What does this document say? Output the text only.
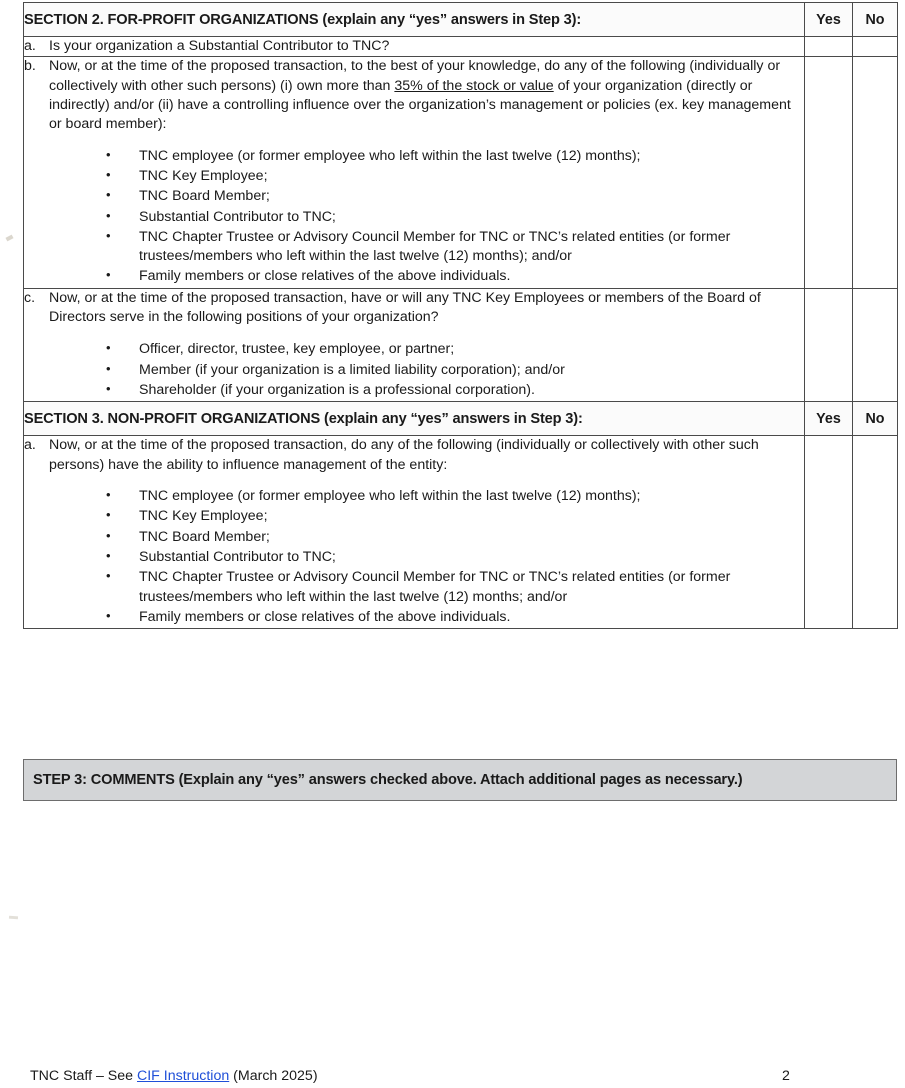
SECTION 2. FOR-PROFIT ORGANIZATIONS (explain any “yes” answers in Step 3):	Yes	No

a. Is your organization a Substantial Contributor to TNC?		

b. Now, or at the time of the proposed transaction, to the best of your knowledge, do any of the following (individually or collectively with other such persons) (i) own more than 35% of the stock or value of your organization (directly or indirectly) and/or (ii) have a controlling influence over the organization’s management or policies (ex. key management or board member):

• TNC employee (or former employee who left within the last twelve (12) months);
• TNC Key Employee;
• TNC Board Member;
• Substantial Contributor to TNC;
• TNC Chapter Trustee or Advisory Council Member for TNC or TNC’s related entities (or former trustees/members who left within the last twelve (12) months); and/or
• Family members or close relatives of the above individuals.

c. Now, or at the time of the proposed transaction, have or will any TNC Key Employees or members of the Board of Directors serve in the following positions of your organization?

• Officer, director, trustee, key employee, or partner;
• Member (if your organization is a limited liability corporation); and/or
• Shareholder (if your organization is a professional corporation).

SECTION 3. NON-PROFIT ORGANIZATIONS (explain any “yes” answers in Step 3):	Yes	No

a. Now, or at the time of the proposed transaction, do any of the following (individually or collectively with other such persons) have the ability to influence management of the entity:

• TNC employee (or former employee who left within the last twelve (12) months);
• TNC Key Employee;
• TNC Board Member;
• Substantial Contributor to TNC;
• TNC Chapter Trustee or Advisory Council Member for TNC or TNC’s related entities (or former trustees/members who left within the last twelve (12) months; and/or
• Family members or close relatives of the above individuals.

STEP 3: COMMENTS (Explain any “yes” answers checked above. Attach additional pages as necessary.)
TNC Staff – See CIF Instruction (March 2025)	2
